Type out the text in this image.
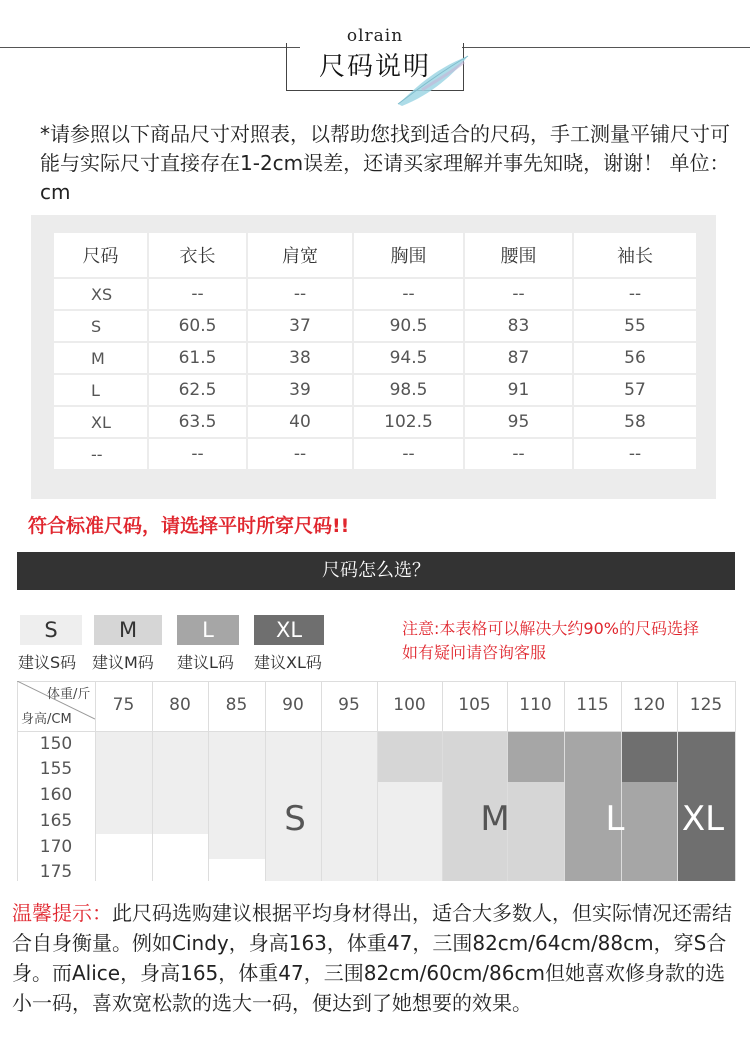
olrain
尺码说明
*请参照以下商品尺寸对照表，以帮助您找到适合的尺码，手工测量平铺尺寸可能与实际尺寸直接存在1-2cm误差，还请买家理解并事先知晓，谢谢！ 单位：cm
尺码	衣长	肩宽	胸围	腰围	袖长
XS	--	--	--	--	--
S	60.5	37	90.5	83	55
M	61.5	38	94.5	87	56
L	62.5	39	98.5	91	57
XL	63.5	40	102.5	95	58
--	--	--	--	--	--
符合标准尺码，请选择平时所穿尺码!!
尺码怎么选？
S	M	L	XL
建议S码 建议M码 建议L码 建议XL码
注意:本表格可以解决大约90%的尺码选择
如有疑问请咨询客服
体重/斤
身高/CM
75	80	85	90	95	100	105	110	115	120	125
150
155
160
165
170
175
S	M	L	XL
温馨提示：此尺码选购建议根据平均身材得出，适合大多数人，但实际情况还需结合自身衡量。例如Cindy，身高163，体重47，三围82cm/64cm/88cm，穿S合身。而Alice，身高165，体重47，三围82cm/60cm/86cm但她喜欢修身款的选小一码，喜欢宽松款的选大一码，便达到了她想要的效果。
